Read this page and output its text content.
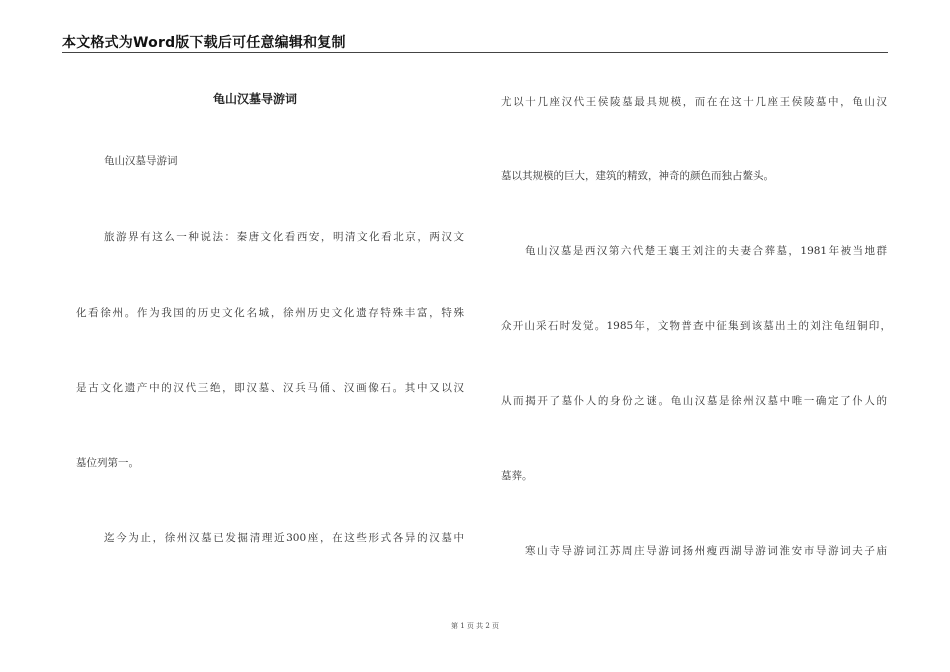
本文格式为Word版下载后可任意编辑和复制
龟山汉墓导游词
龟山汉墓导游词
旅游界有这么一种说法：秦唐文化看西安，明清文化看北京，两汉文
化看徐州。作为我国的历史文化名城，徐州历史文化遗存特殊丰富，特殊
是古文化遗产中的汉代三绝，即汉墓、汉兵马俑、汉画像石。其中又以汉
墓位列第一。
迄今为止，徐州汉墓已发掘清理近300座，在这些形式各异的汉墓中
尤以十几座汉代王侯陵墓最具规模，而在在这十几座王侯陵墓中，龟山汉
墓以其规模的巨大，建筑的精致，神奇的颜色而独占鳌头。
龟山汉墓是西汉第六代楚王襄王刘注的夫妻合葬墓，1981年被当地群
众开山采石时发觉。1985年，文物普查中征集到该墓出土的刘注龟纽铜印，
从而揭开了墓仆人的身份之谜。龟山汉墓是徐州汉墓中唯一确定了仆人的
墓葬。
寒山寺导游词江苏周庄导游词扬州瘦西湖导游词淮安市导游词夫子庙
第 1 页 共 2 页
